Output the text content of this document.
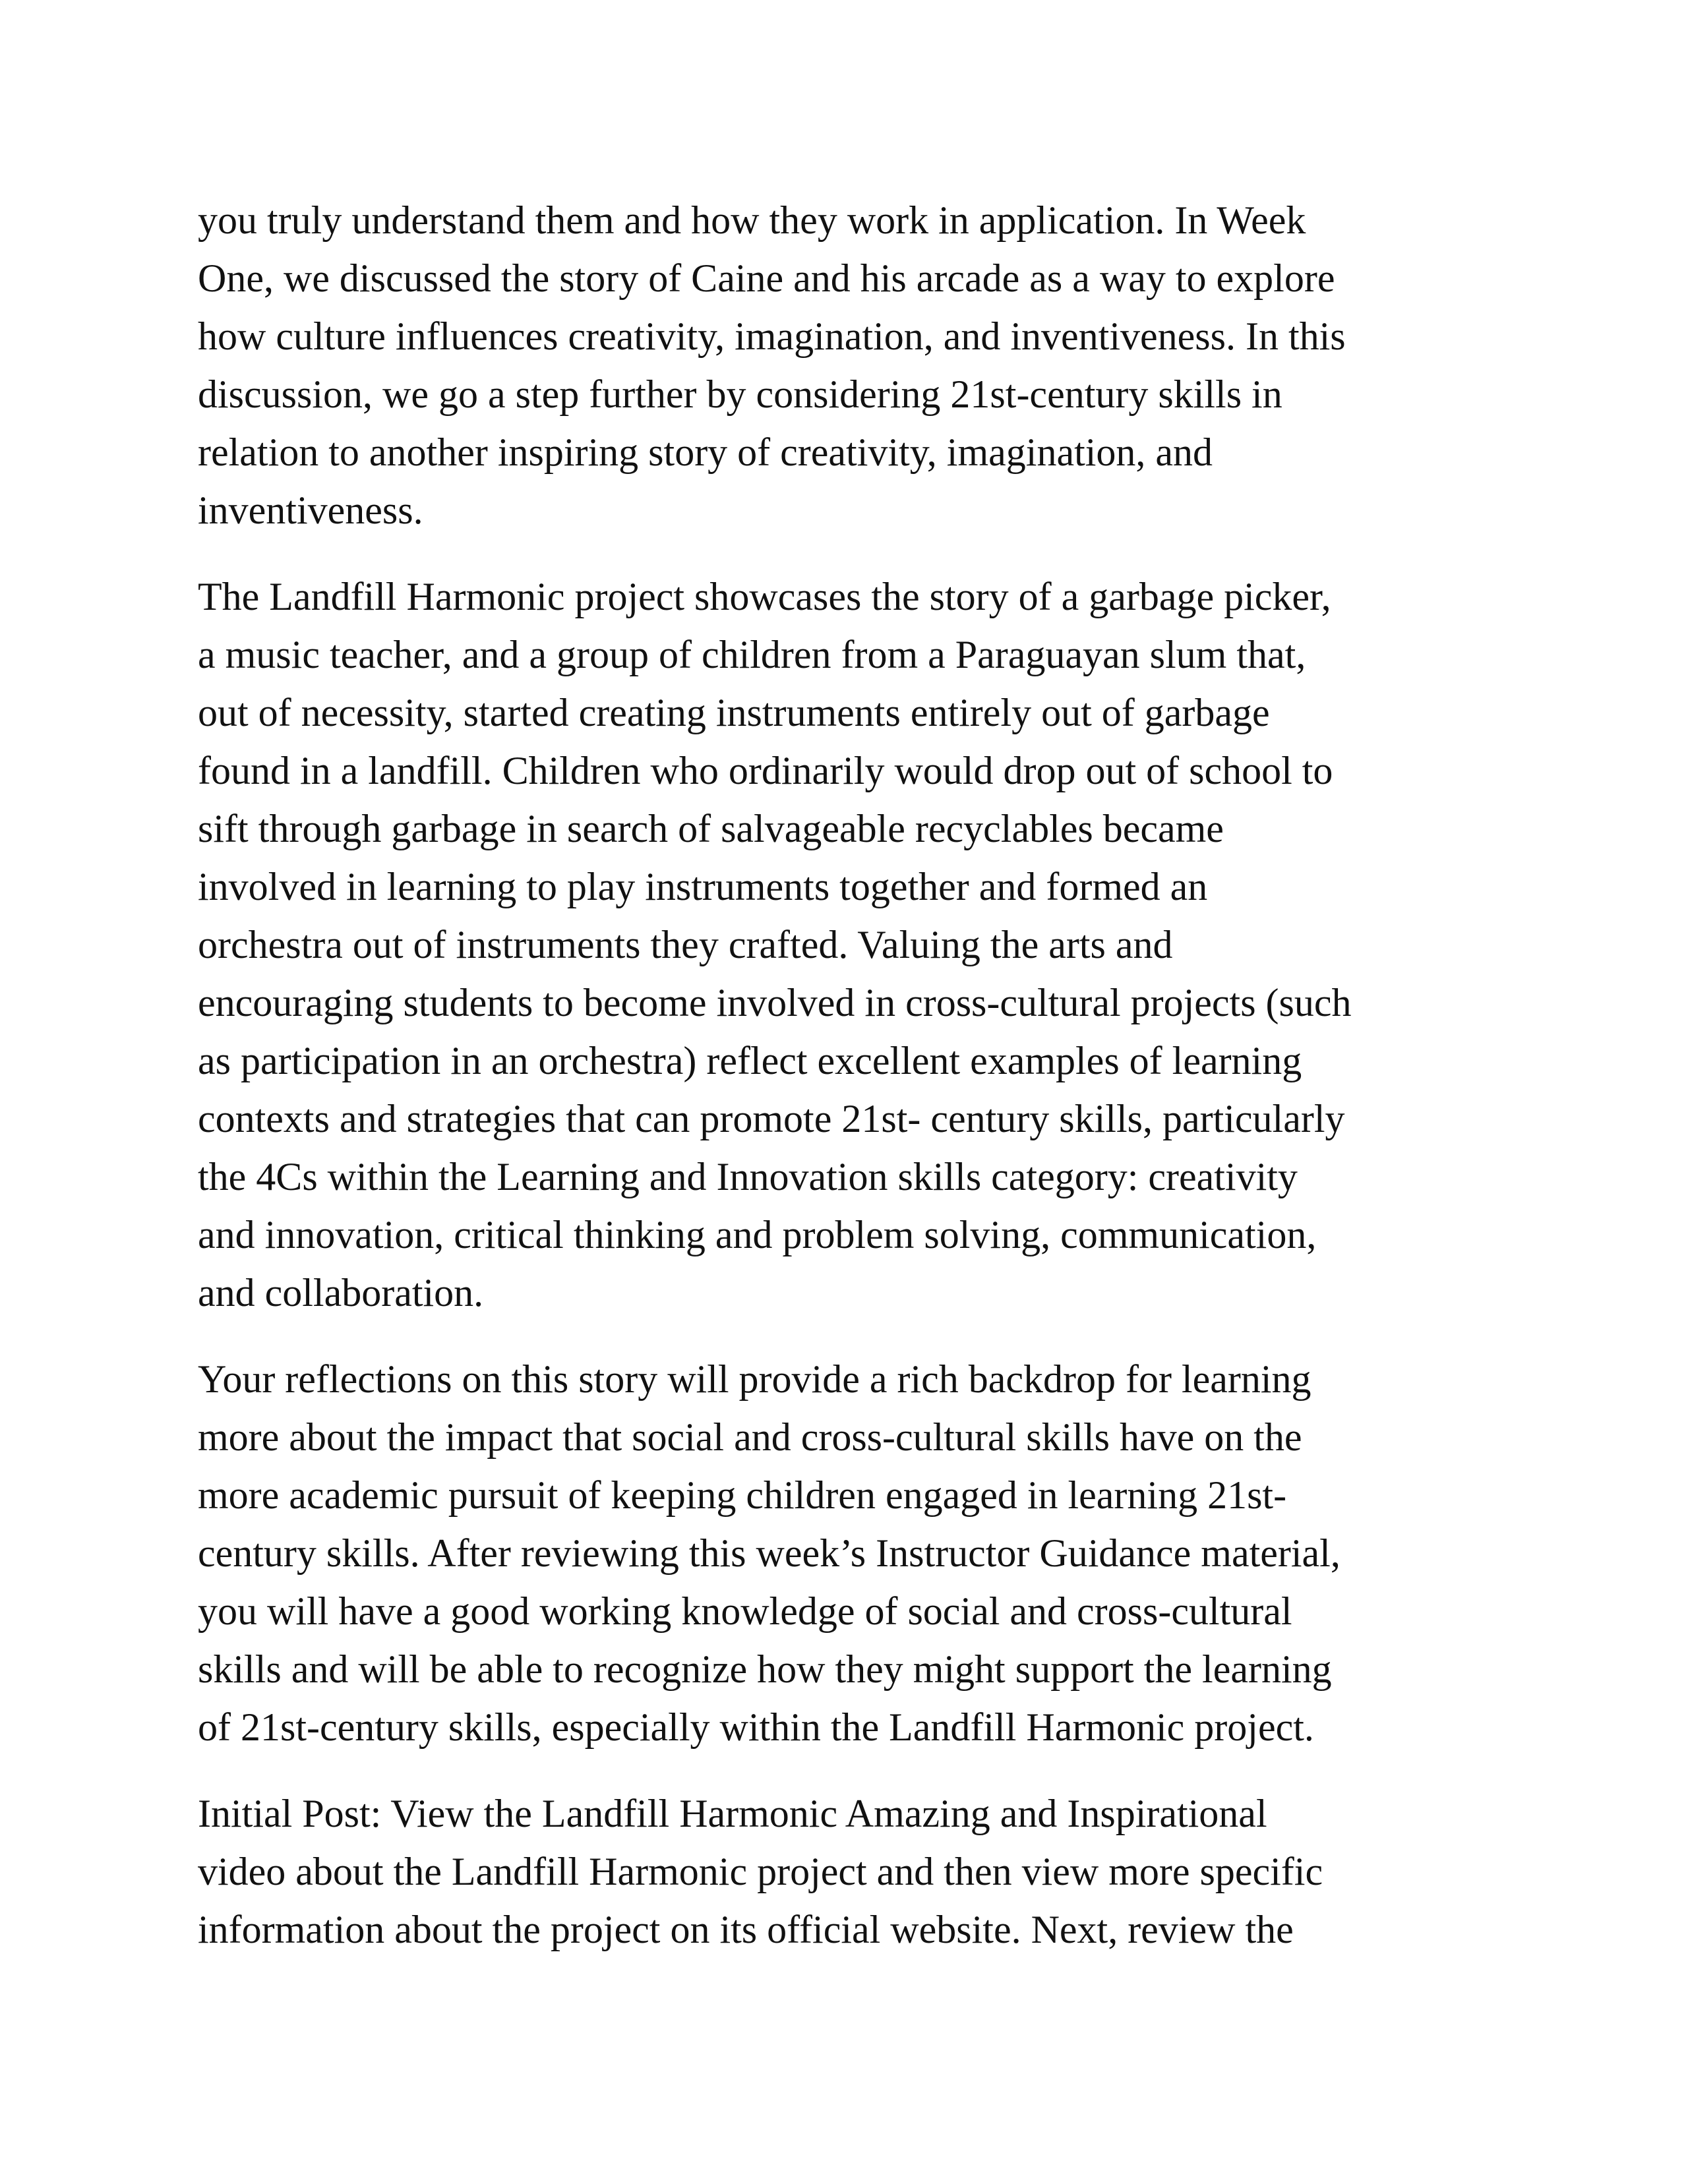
you truly understand them and how they work in application. In Week
One, we discussed the story of Caine and his arcade as a way to explore
how culture influences creativity, imagination, and inventiveness. In this
discussion, we go a step further by considering 21st-century skills in
relation to another inspiring story of creativity, imagination, and
inventiveness.
The Landfill Harmonic project showcases the story of a garbage picker,
a music teacher, and a group of children from a Paraguayan slum that,
out of necessity, started creating instruments entirely out of garbage
found in a landfill. Children who ordinarily would drop out of school to
sift through garbage in search of salvageable recyclables became
involved in learning to play instruments together and formed an
orchestra out of instruments they crafted. Valuing the arts and
encouraging students to become involved in cross-cultural projects (such
as participation in an orchestra) reflect excellent examples of learning
contexts and strategies that can promote 21st- century skills, particularly
the 4Cs within the Learning and Innovation skills category: creativity
and innovation, critical thinking and problem solving, communication,
and collaboration.
Your reflections on this story will provide a rich backdrop for learning
more about the impact that social and cross-cultural skills have on the
more academic pursuit of keeping children engaged in learning 21st-
century skills. After reviewing this week’s Instructor Guidance material,
you will have a good working knowledge of social and cross-cultural
skills and will be able to recognize how they might support the learning
of 21st-century skills, especially within the Landfill Harmonic project.
Initial Post: View the Landfill Harmonic Amazing and Inspirational
video about the Landfill Harmonic project and then view more specific
information about the project on its official website. Next, review the
